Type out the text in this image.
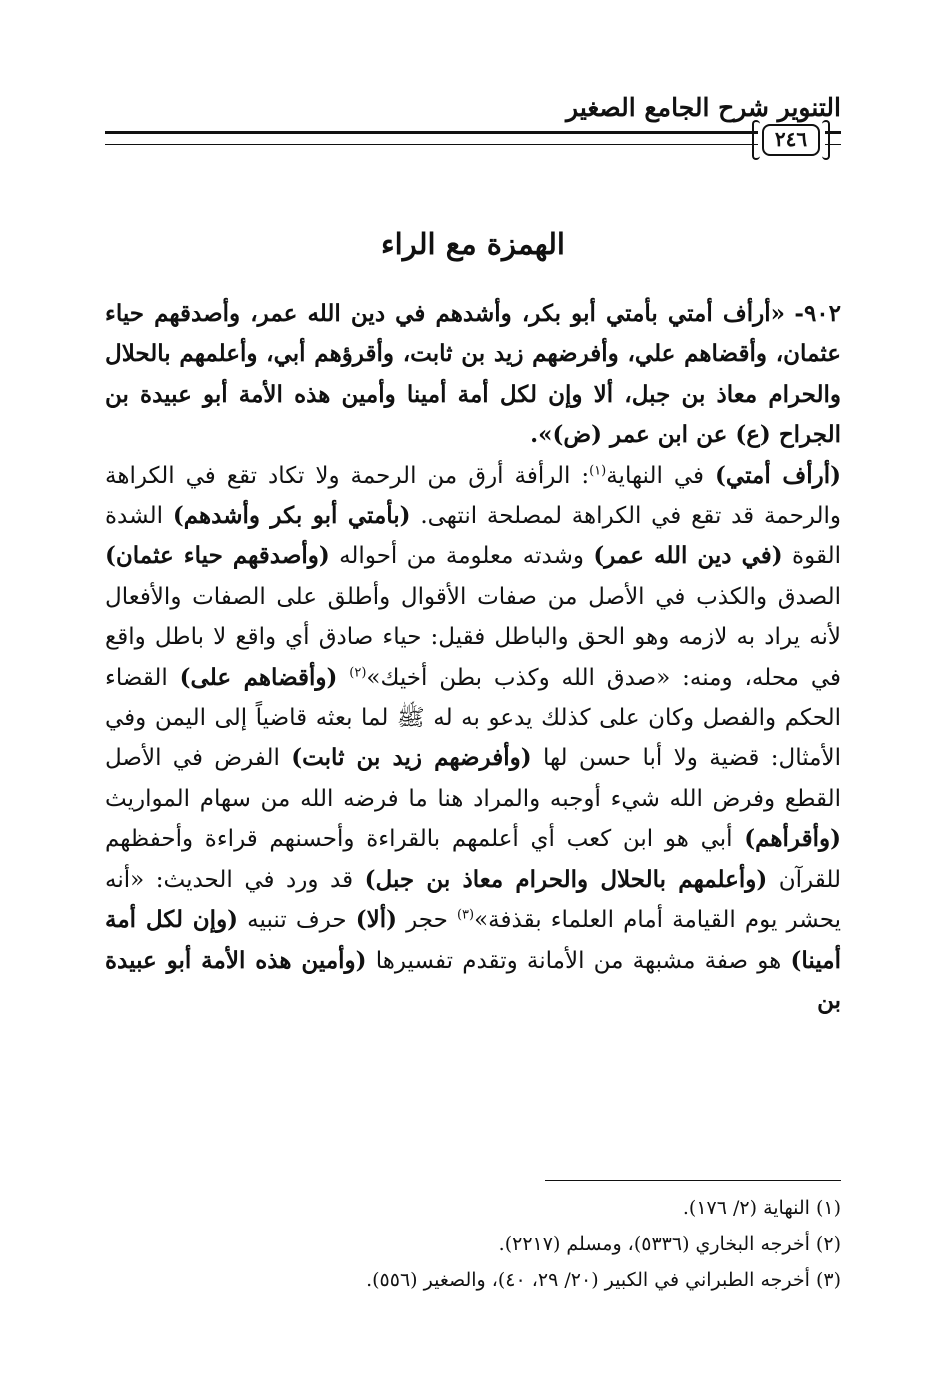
التنوير شرح الجامع الصغير
٢٤٦
الهمزة مع الراء

٩٠٢- «أرأف أمتي بأمتي أبو بكر، وأشدهم في دين الله عمر، وأصدقهم حياء عثمان، وأقضاهم علي، وأفرضهم زيد بن ثابت، وأقرؤهم أبي، وأعلمهم بالحلال والحرام معاذ بن جبل، ألا وإن لكل أمة أمينا وأمين هذه الأمة أبو عبيدة بن الجراح (ع) عن ابن عمر (ض)».

(أرأف أمتي) في النهاية$^{(١)}$: الرأفة أرق من الرحمة ولا تكاد تقع في الكراهة والرحمة قد تقع في الكراهة لمصلحة انتهى. (بأمتي أبو بكر وأشدهم) الشدة القوة (في دين الله عمر) وشدته معلومة من أحواله (وأصدقهم حياء عثمان) الصدق والكذب في الأصل من صفات الأقوال وأطلق على الصفات والأفعال لأنه يراد به لازمه وهو الحق والباطل فقيل: حياء صادق أي واقع لا باطل واقع في محله، ومنه: «صدق الله وكذب بطن أخيك»$^{(٢)}$ (وأقضاهم على) القضاء الحكم والفصل وكان على كذلك يدعو به له ﷺ لما بعثه قاضياً إلى اليمن وفي الأمثال: قضية ولا أبا حسن لها (وأفرضهم زيد بن ثابت) الفرض في الأصل القطع وفرض الله شيء أوجبه والمراد هنا ما فرضه الله من سهام المواريث (وأقرأهم) أبي هو ابن كعب أي أعلمهم بالقراءة وأحسنهم قراءة وأحفظهم للقرآن (وأعلمهم بالحلال والحرام معاذ بن جبل) قد ورد في الحديث: «أنه يحشر يوم القيامة أمام العلماء بقذفة»$^{(٣)}$ حجر (ألا) حرف تنبيه (وإن لكل أمة أمينا) هو صفة مشبهة من الأمانة وتقدم تفسيرها (وأمين هذه الأمة أبو عبيدة بن

(١) النهاية (٢/ ١٧٦).
(٢) أخرجه البخاري (٥٣٣٦)، ومسلم (٢٢١٧).
(٣) أخرجه الطبراني في الكبير (٢٠/ ٢٩، ٤٠)، والصغير (٥٥٦).
